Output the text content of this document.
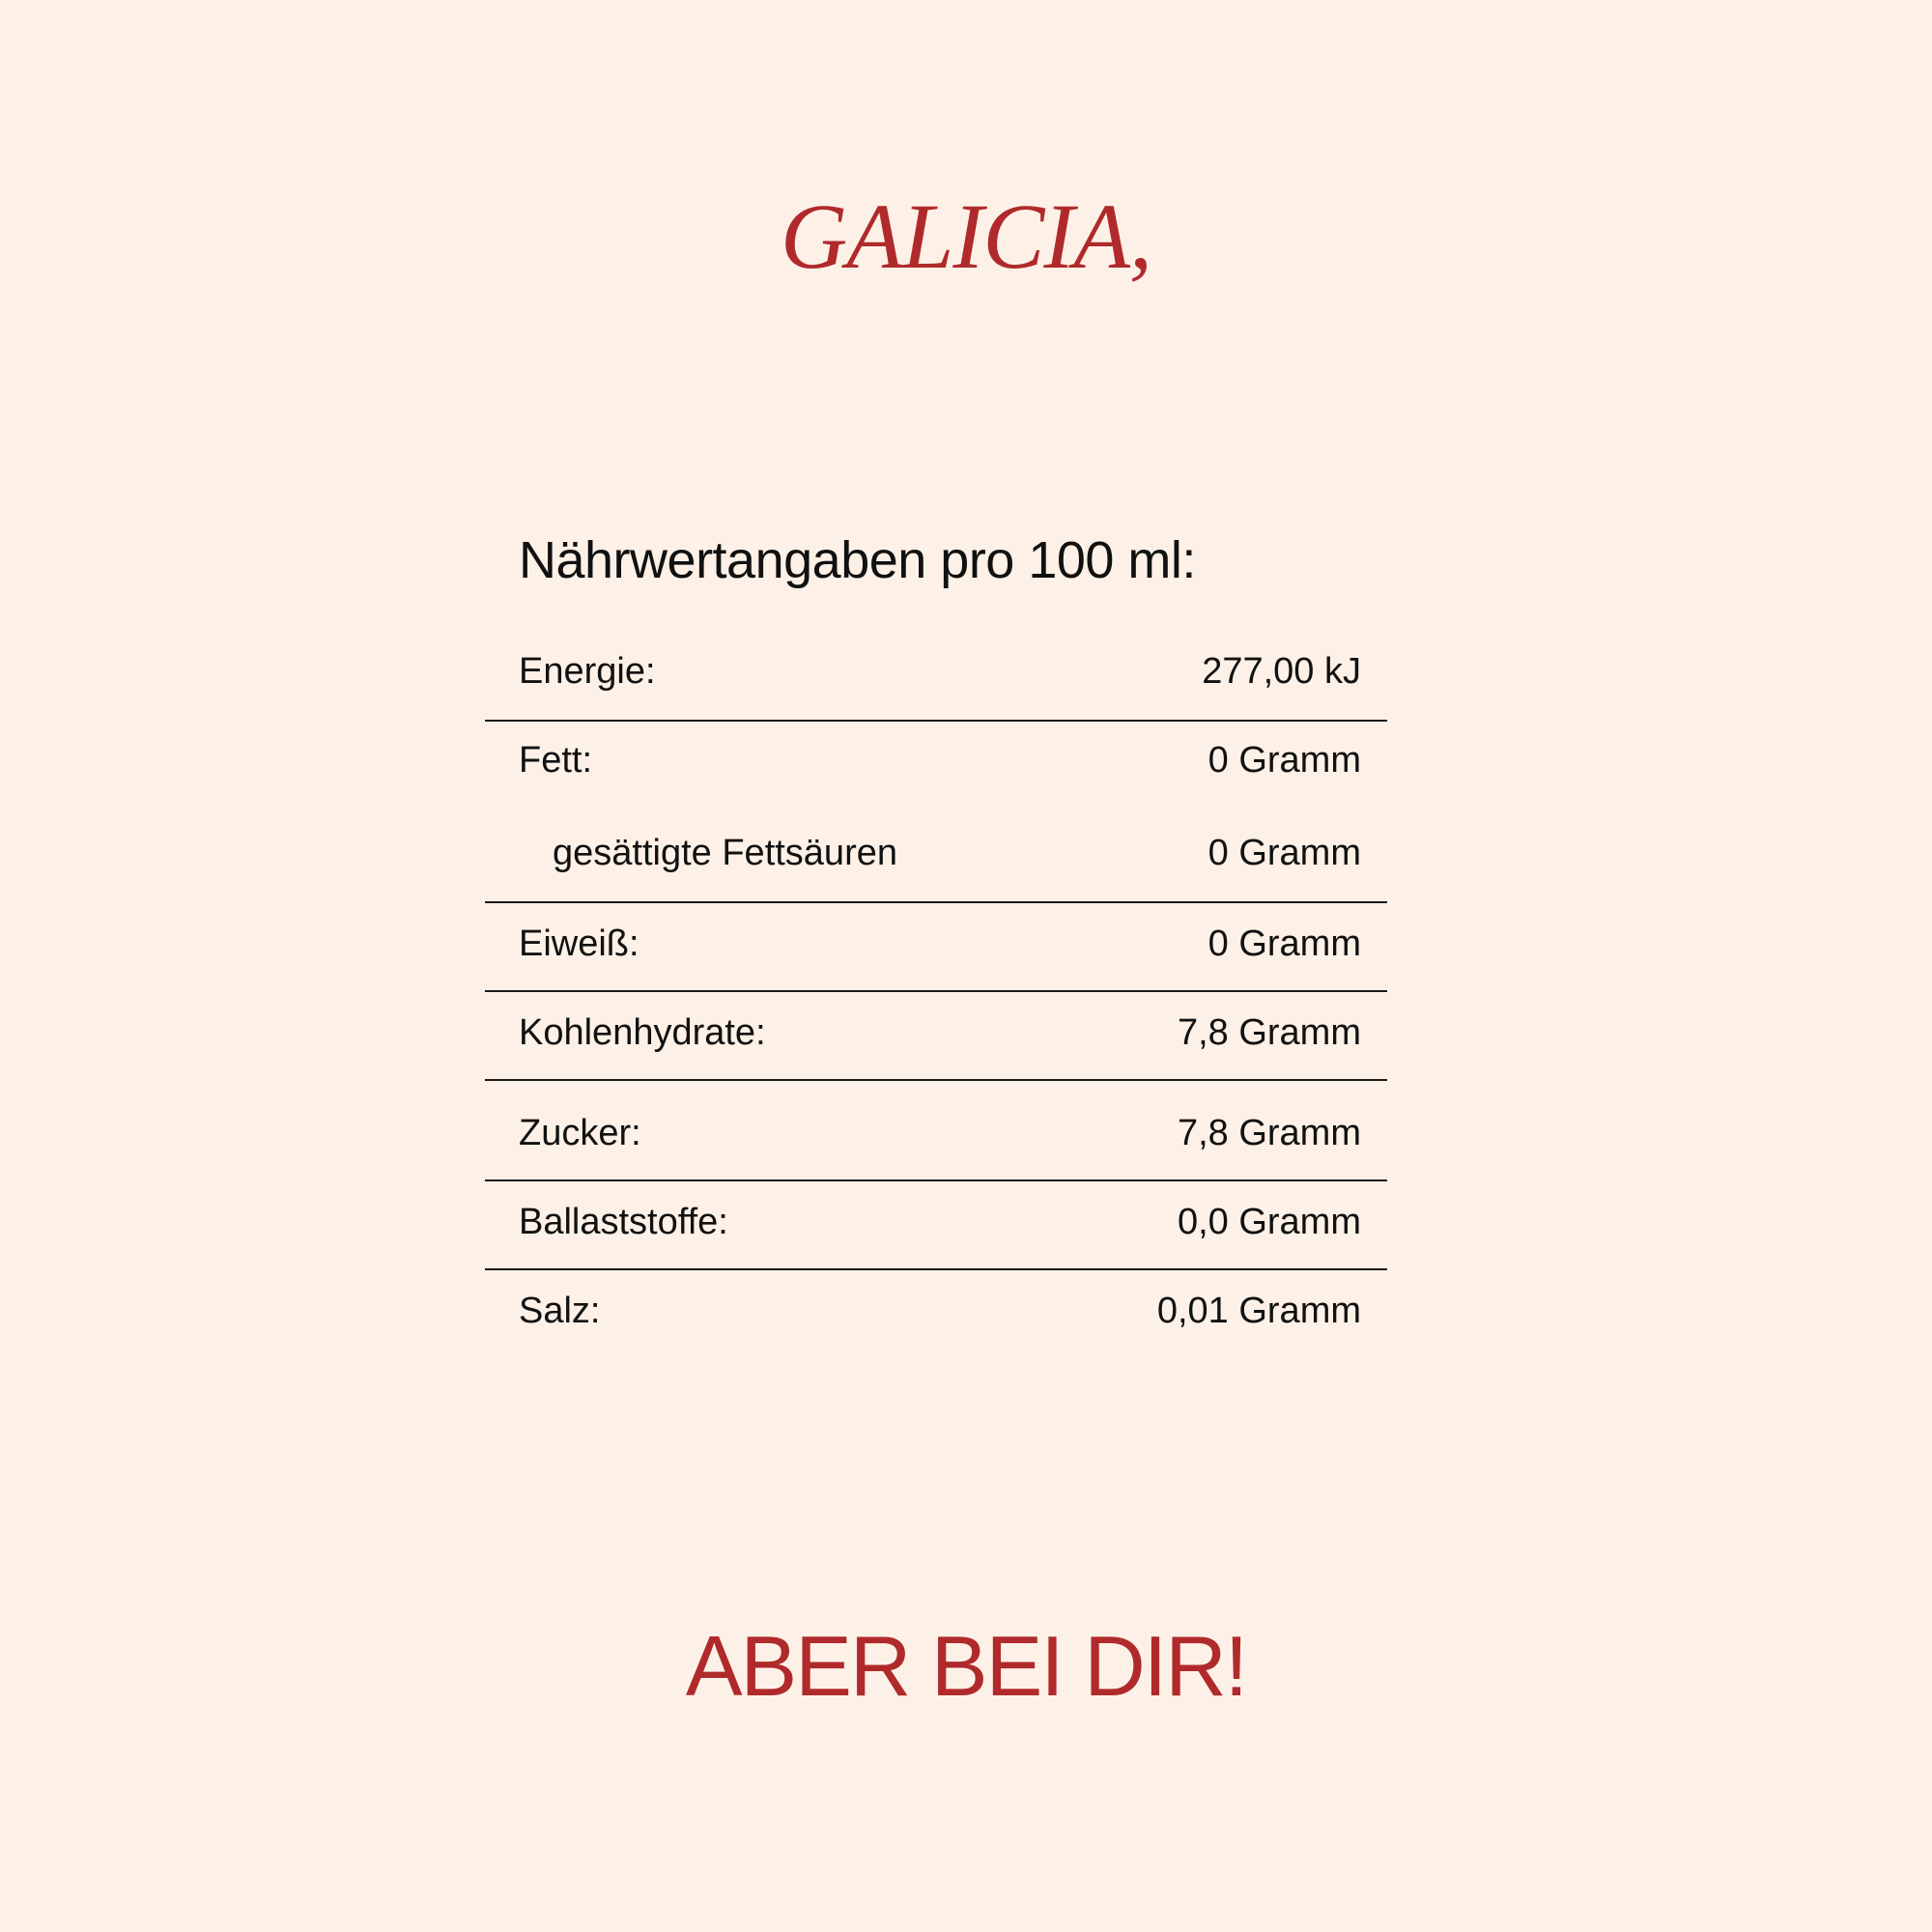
GALICIA,
Nährwertangaben pro 100 ml:
Energie:	277,00 kJ
Fett:	0 Gramm
gesättigte Fettsäuren	0 Gramm
Eiweiß:	0 Gramm
Kohlenhydrate:	7,8 Gramm
Zucker:	7,8 Gramm
Ballaststoffe:	0,0 Gramm
Salz:	0,01 Gramm
ABER BEI DIR!
